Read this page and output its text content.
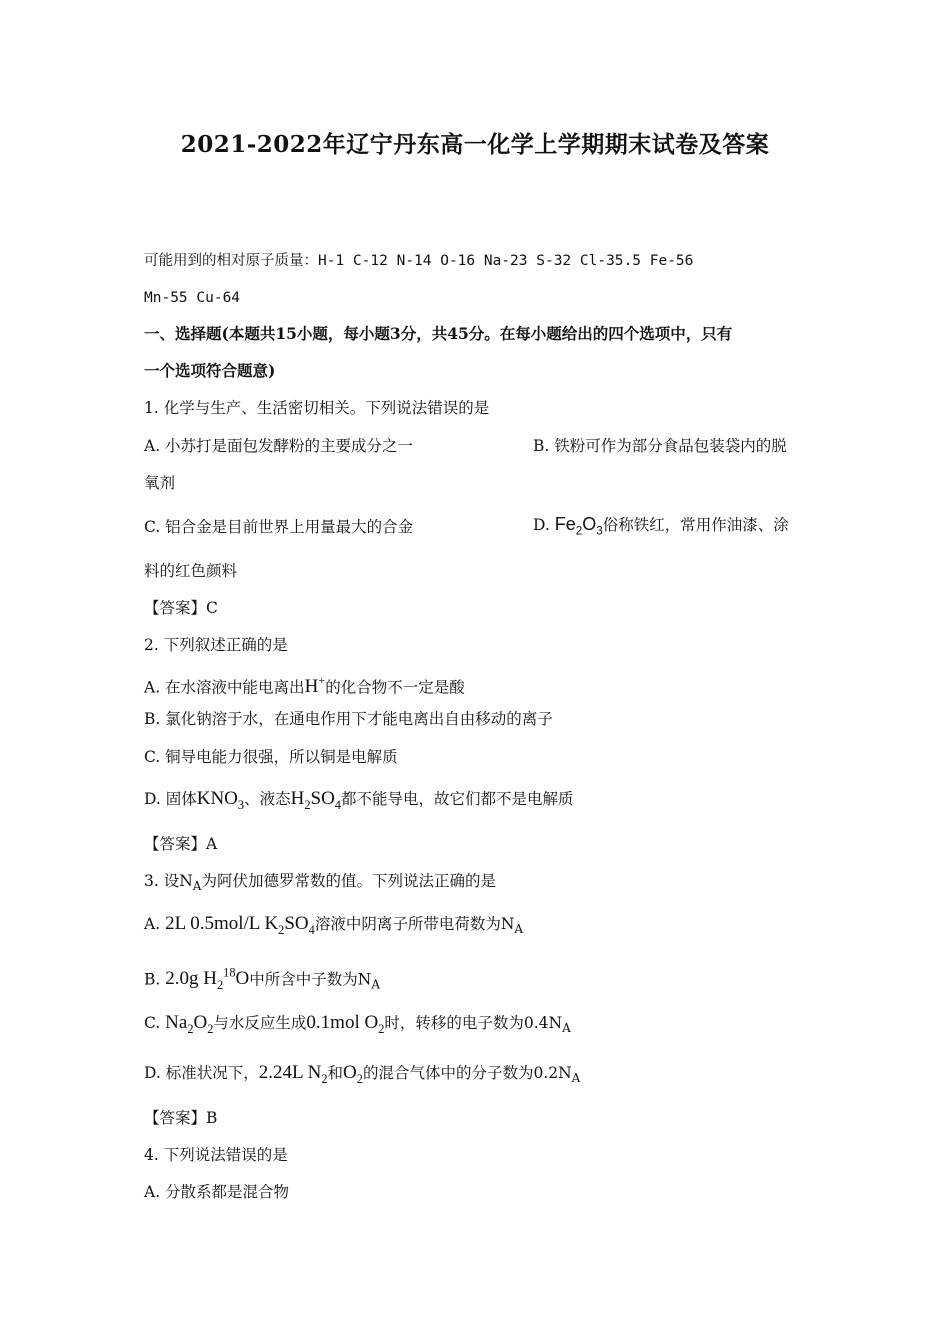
2021-2022年辽宁丹东高一化学上学期期末试卷及答案
可能用到的相对原子质量：H-1 C-12 N-14 O-16 Na-23 S-32 Cl-35.5 Fe-56
Mn-55 Cu-64
一、选择题(本题共15小题，每小题3分，共45分。在每小题给出的四个选项中，只有
一个选项符合题意)
1. 化学与生产、生活密切相关。下列说法错误的是
A. 小苏打是面包发酵粉的主要成分之一	B. 铁粉可作为部分食品包装袋内的脱
氧剂
C. 铝合金是目前世界上用量最大的合金	D. $Fe_2O_3$俗称铁红，常用作油漆、涂
料的红色颜料
【答案】C
2. 下列叙述正确的是
A. 在水溶液中能电离出H+的化合物不一定是酸
B. 氯化钠溶于水，在通电作用下才能电离出自由移动的离子
C. 铜导电能力很强，所以铜是电解质
D. 固体$KNO_3$、液态$H_2SO_4$都不能导电，故它们都不是电解质
【答案】A
3. 设$N_A$为阿伏加德罗常数的值。下列说法正确的是
A. 2L 0.5mol/L $K_2SO_4$溶液中阴离子所带电荷数为$N_A$
B. 2.0g $H_2^{18}O$中所含中子数为$N_A$
C. $Na_2O_2$与水反应生成0.1mol $O_2$时，转移的电子数为$0.4N_A$
D. 标准状况下，2.24L $N_2$和$O_2$的混合气体中的分子数为$0.2N_A$
【答案】B
4. 下列说法错误的是
A. 分散系都是混合物
